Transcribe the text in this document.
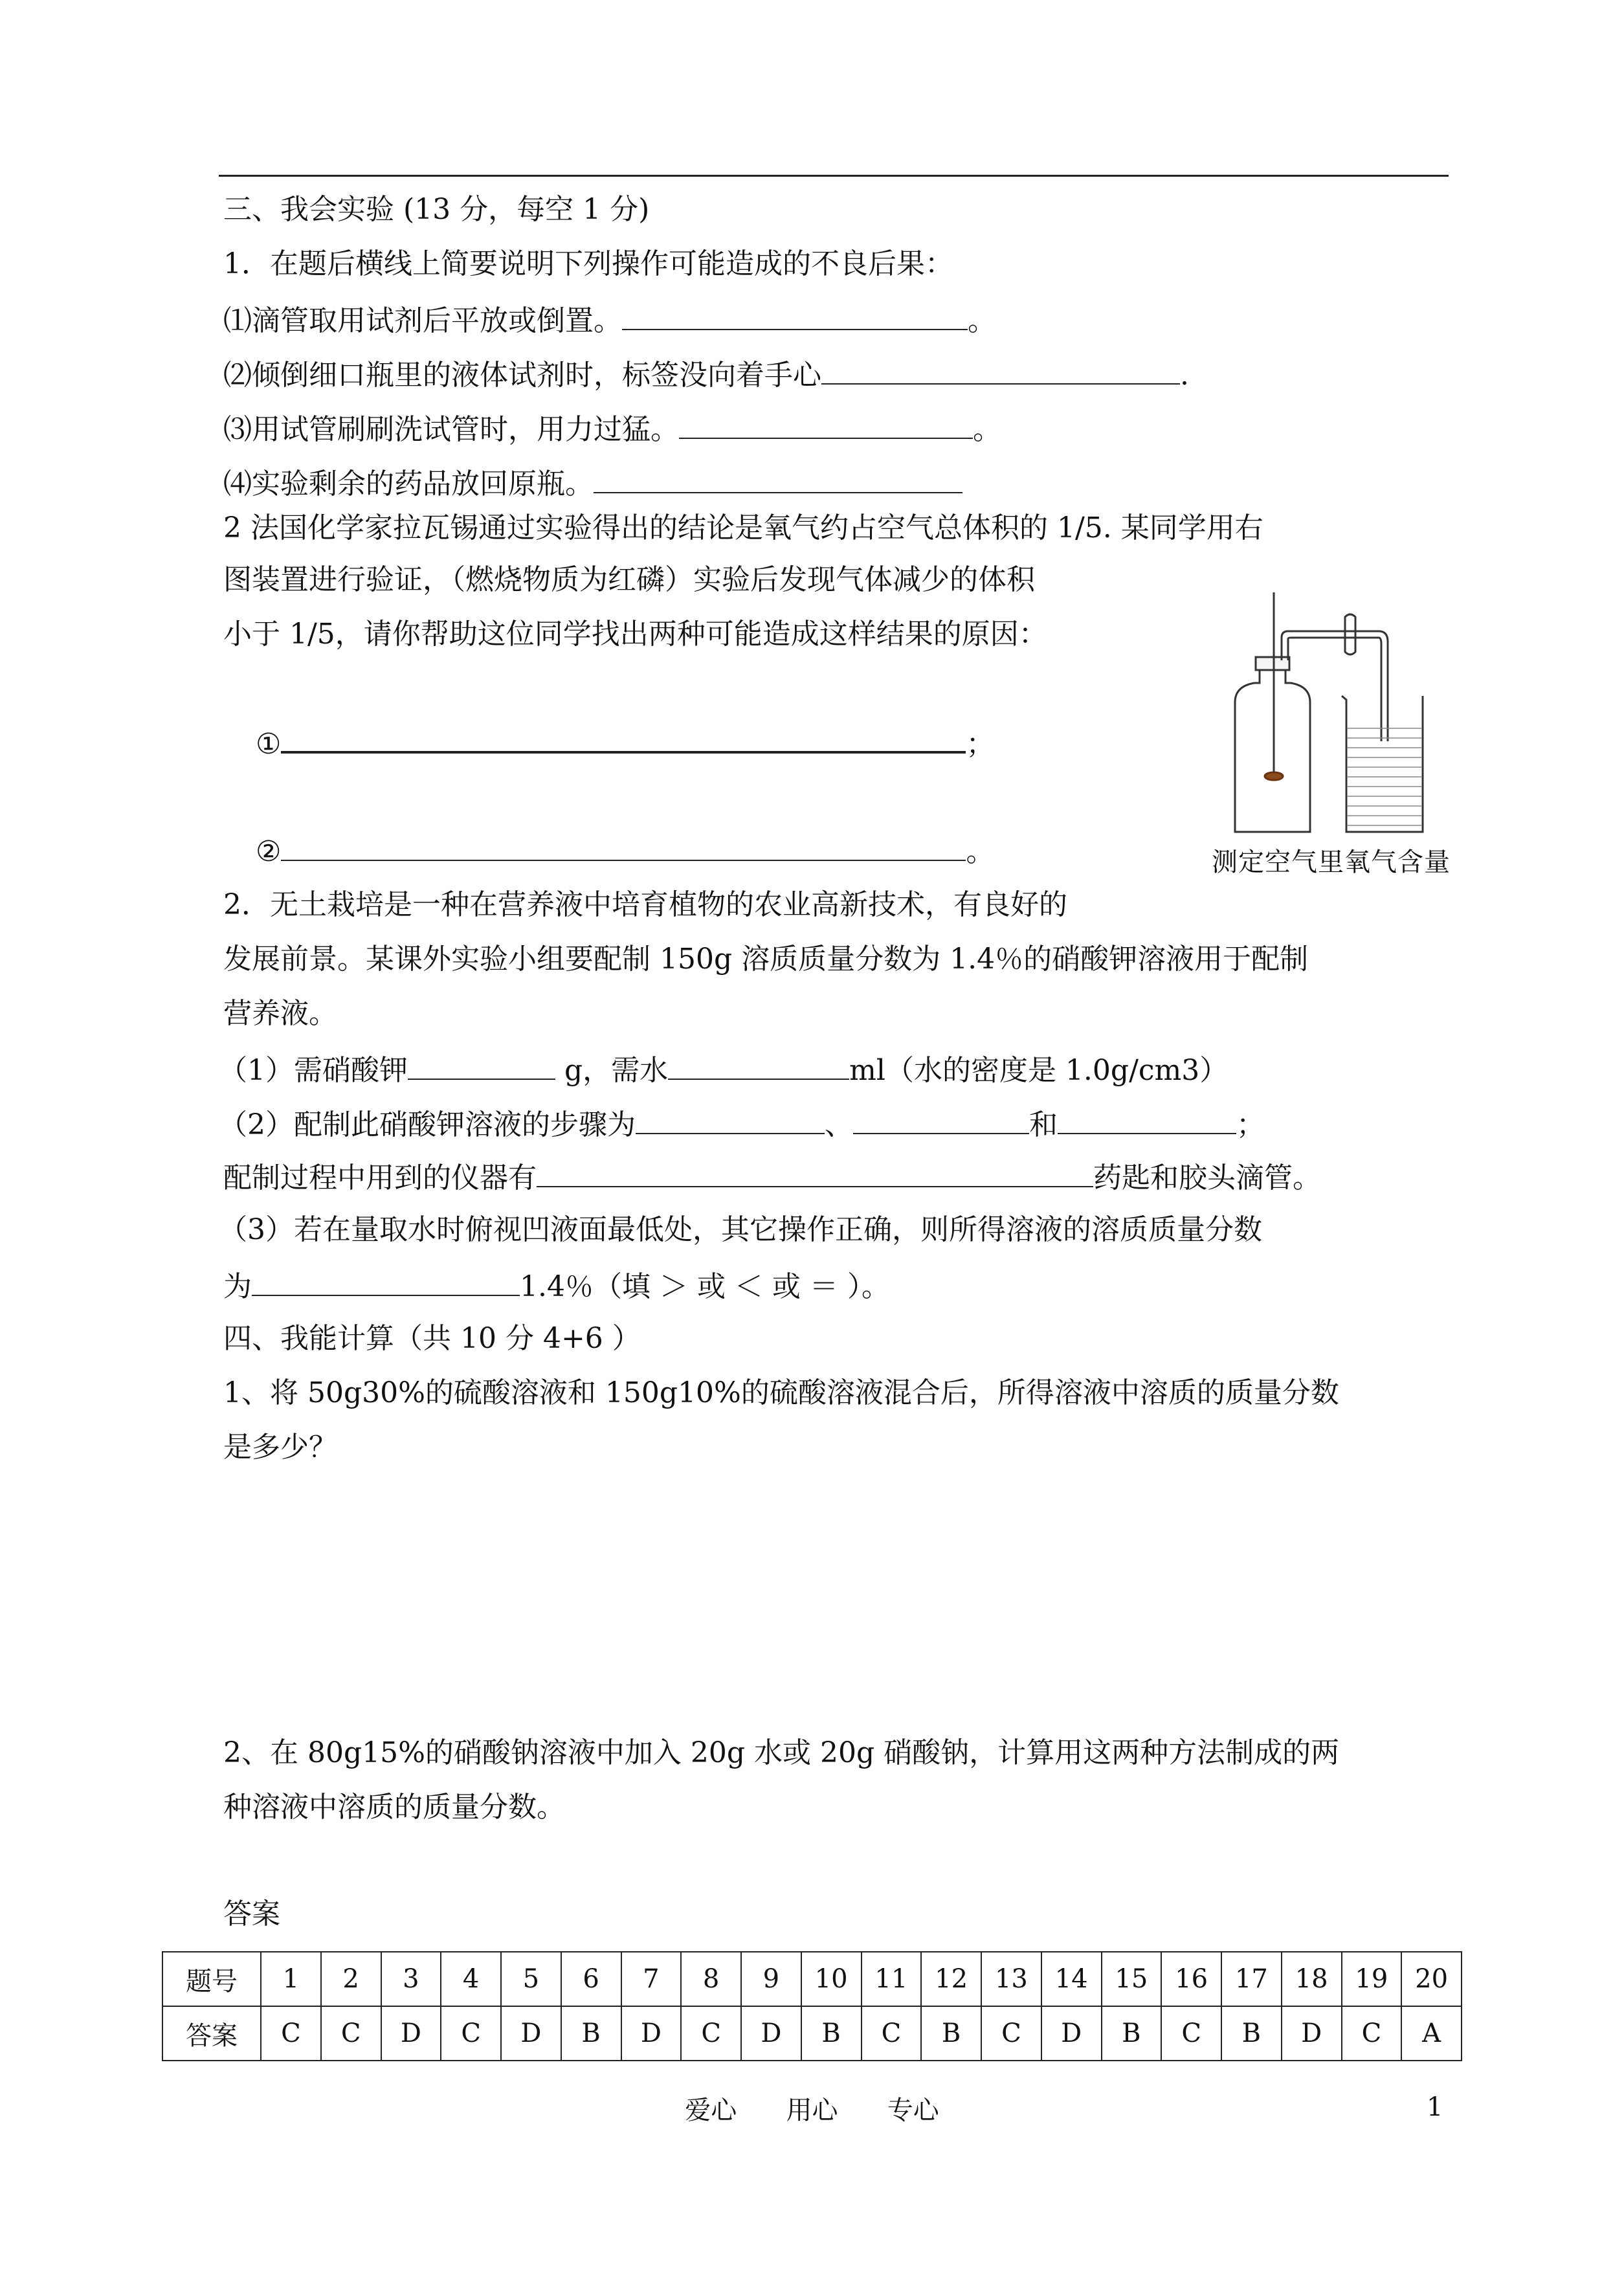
三、我会实验 (13 分，每空 1 分)
1．在题后横线上简要说明下列操作可能造成的不良后果：
⑴滴管取用试剂后平放或倒置。	。
⑵倾倒细口瓶里的液体试剂时，标签没向着手心	.
⑶用试管刷刷洗试管时，用力过猛。	。
⑷实验剩余的药品放回原瓶。
2 法国化学家拉瓦锡通过实验得出的结论是氧气约占空气总体积的 1/5. 某同学用右
图装置进行验证，（燃烧物质为红磷）实验后发现气体减少的体积
小于 1/5，请你帮助这位同学找出两种可能造成这样结果的原因：
①	；
②	。	测定空气里氧气含量
2．无土栽培是一种在营养液中培育植物的农业高新技术，有良好的
发展前景。某课外实验小组要配制 150g 溶质质量分数为 1.4％的硝酸钾溶液用于配制
营养液。
（1）需硝酸钾	g，需水	ml（水的密度是 1.0g/cm3）
（2）配制此硝酸钾溶液的步骤为	、	和	；
配制过程中用到的仪器有	药匙和胶头滴管。
（3）若在量取水时俯视凹液面最低处，其它操作正确，则所得溶液的溶质质量分数
为	1.4％（填 ＞ 或 ＜ 或 ＝ ）。
四、我能计算（共 10 分 4+6 ）
1、将 50g30%的硫酸溶液和 150g10%的硫酸溶液混合后，所得溶液中溶质的质量分数
是多少？
2、在 80g15%的硝酸钠溶液中加入 20g 水或 20g 硝酸钠，计算用这两种方法制成的两
种溶液中溶质的质量分数。
答案
题号	1	2	3	4	5	6	7	8	9	10	11	12	13	14	15	16	17	18	19	20
答案	C	C	D	C	D	B	D	C	D	B	C	B	C	D	B	C	B	D	C	A
爱心      用心      专心	1
